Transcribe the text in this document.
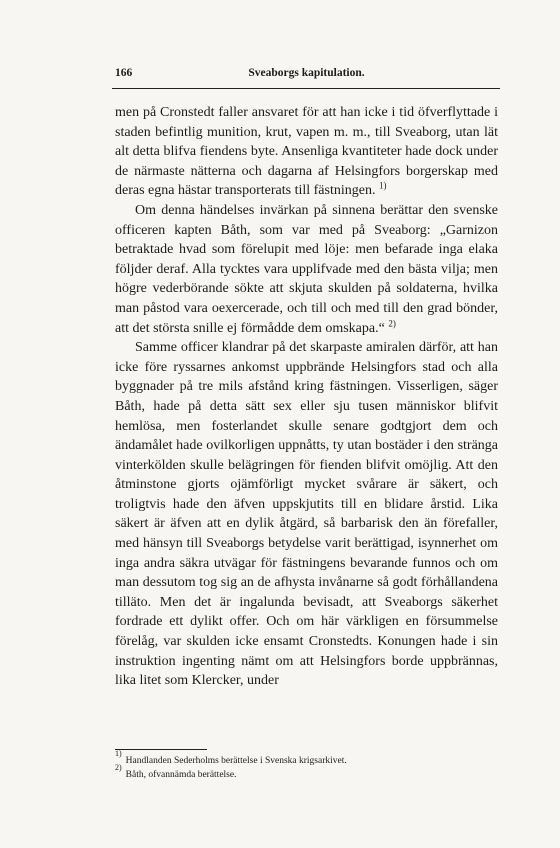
166	Sveaborgs kapitulation.

men på Cronstedt faller ansvaret för att han icke i tid öfverflyttade i staden befintlig munition, krut, vapen m. m., till Sveaborg, utan lät alt detta blifva fiendens byte. Ansenliga kvantiteter hade dock under de närmaste nätterna och dagarna af Helsingfors borgerskap med deras egna hästar transporterats till fästningen. $^{1)}$

Om denna händelses invärkan på sinnena berättar den svenske officeren kapten Båth, som var med på Sveaborg: „Garnizon betraktade hvad som förelupit med löje: men befarade inga elaka följder deraf. Alla tycktes vara upplifvade med den bästa vilja; men högre vederbörande sökte att skjuta skulden på soldaterna, hvilka man påstod vara oexercerade, och till och med till den grad bönder, att det största snille ej förmådde dem omskapa.“ $^{2)}$

Samme officer klandrar på det skarpaste amiralen därför, att han icke före ryssarnes ankomst uppbrände Helsingfors stad och alla byggnader på tre mils afstånd kring fästningen. Visserligen, säger Båth, hade på detta sätt sex eller sju tusen människor blifvit hemlösa, men fosterlandet skulle senare godtgjort dem och ändamålet hade ovilkorligen uppnåtts, ty utan bostäder i den stränga vinterkölden skulle belägringen för fienden blifvit omöjlig. Att den åtminstone gjorts ojämförligt mycket svårare är säkert, och troligtvis hade den äfven uppskjutits till en blidare årstid. Lika säkert är äfven att en dylik åtgärd, så barbarisk den än förefaller, med hänsyn till Sveaborgs betydelse varit berättigad, isynnerhet om inga andra säkra utvägar för fästningens bevarande funnos och om man dessutom tog sig an de afhysta invånarne så godt förhållandena tilläto. Men det är ingalunda bevisadt, att Sveaborgs säkerhet fordrade ett dylikt offer. Och om här värkligen en försummelse förelåg, var skulden icke ensamt Cronstedts. Konungen hade i sin instruktion ingenting nämt om att Helsingfors borde uppbrännas, lika litet som Klercker, under

1)
Handlanden Sederholms berättelse i Svenska krigsarkivet.
2)
Båth, ofvannämda berättelse.
